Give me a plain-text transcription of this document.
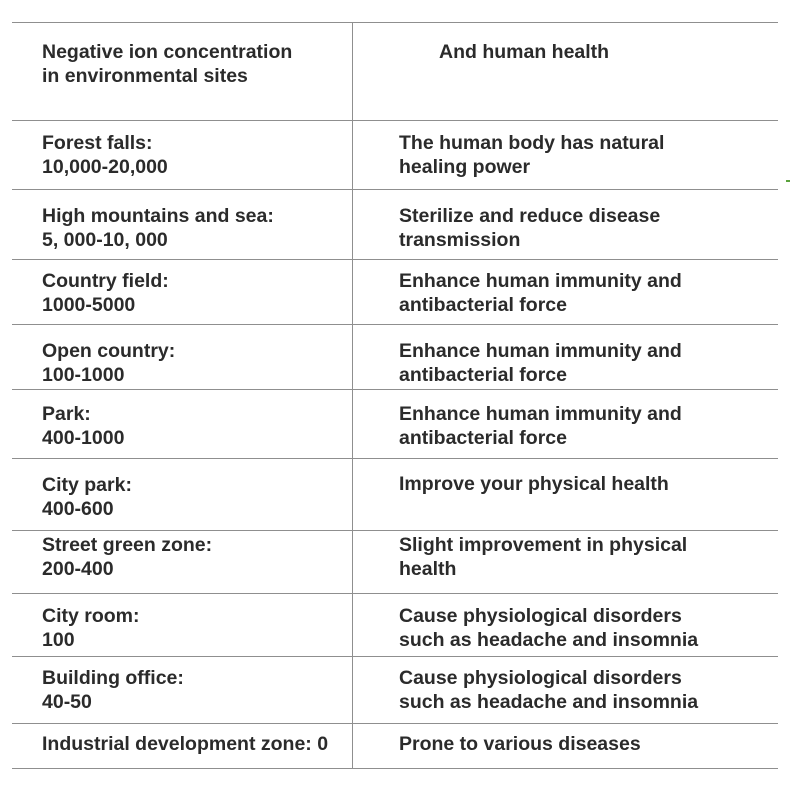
Negative ion concentration
in environmental sites
And human health
Forest falls:
10,000-20,000
The human body has natural
healing power
High mountains and sea:
5, 000-10, 000
Sterilize and reduce disease
transmission
Country field:
1000-5000
Enhance human immunity and
antibacterial force
Open country:
100-1000
Enhance human immunity and
antibacterial force
Park:
400-1000
Enhance human immunity and
antibacterial force
City park:
400-600
Improve your physical health
Street green zone:
200-400
Slight improvement in physical
health
City room:
100
Cause physiological disorders
such as headache and insomnia
Building office:
40-50
Cause physiological disorders
such as headache and insomnia
Industrial development zone: 0	Prone to various diseases
